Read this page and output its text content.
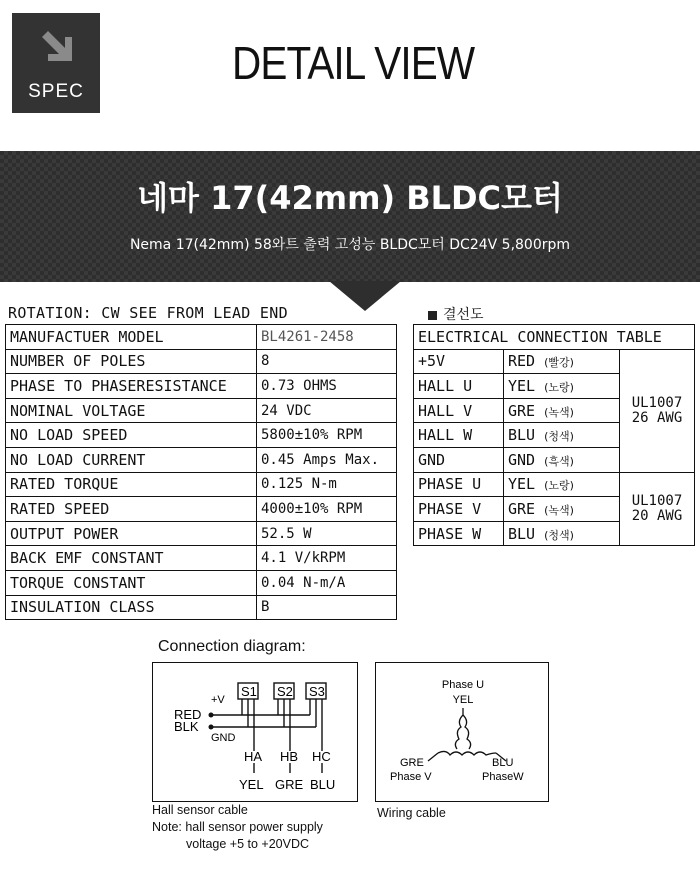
SPEC
DETAIL VIEW
네마 17(42mm) BLDC모터
Nema 17(42mm) 58와트 출력 고성능 BLDC모터 DC24V 5,800rpm
ROTATION: CW SEE FROM LEAD END
MANUFACTUER MODEL	BL4261-2458
NUMBER OF POLES	8
PHASE TO PHASERESISTANCE	0.73 OHMS
NOMINAL VOLTAGE	24 VDC
NO LOAD SPEED	5800±10% RPM
NO LOAD CURRENT	0.45 Amps Max.
RATED TORQUE	0.125 N-m
RATED SPEED	4000±10% RPM
OUTPUT POWER	52.5 W
BACK EMF CONSTANT	4.1 V/kRPM
TORQUE CONSTANT	0.04 N-m/A
INSULATION CLASS	B
결선도
ELECTRICAL CONNECTION TABLE		
+5V	RED (빨강)	UL1007
26 AWG

HALL U	YEL (노랑)	
HALL V	GRE (녹색)	
HALL W	BLU (청색)	
GND	GND (흑색)	
PHASE U	YEL (노랑)	UL1007
20 AWG

PHASE V	GRE (녹색)	
PHASE W	BLU (청색)	
Connection diagram:
RED
BLK
+V
GND
S1 S2 S3
HA HB HC
YEL GRE BLU
Phase U
YEL
GRE
Phase V
BLU
PhaseW
Hall sensor cable
Note: hall sensor power supply
voltage +5 to +20VDC
Wiring cable
